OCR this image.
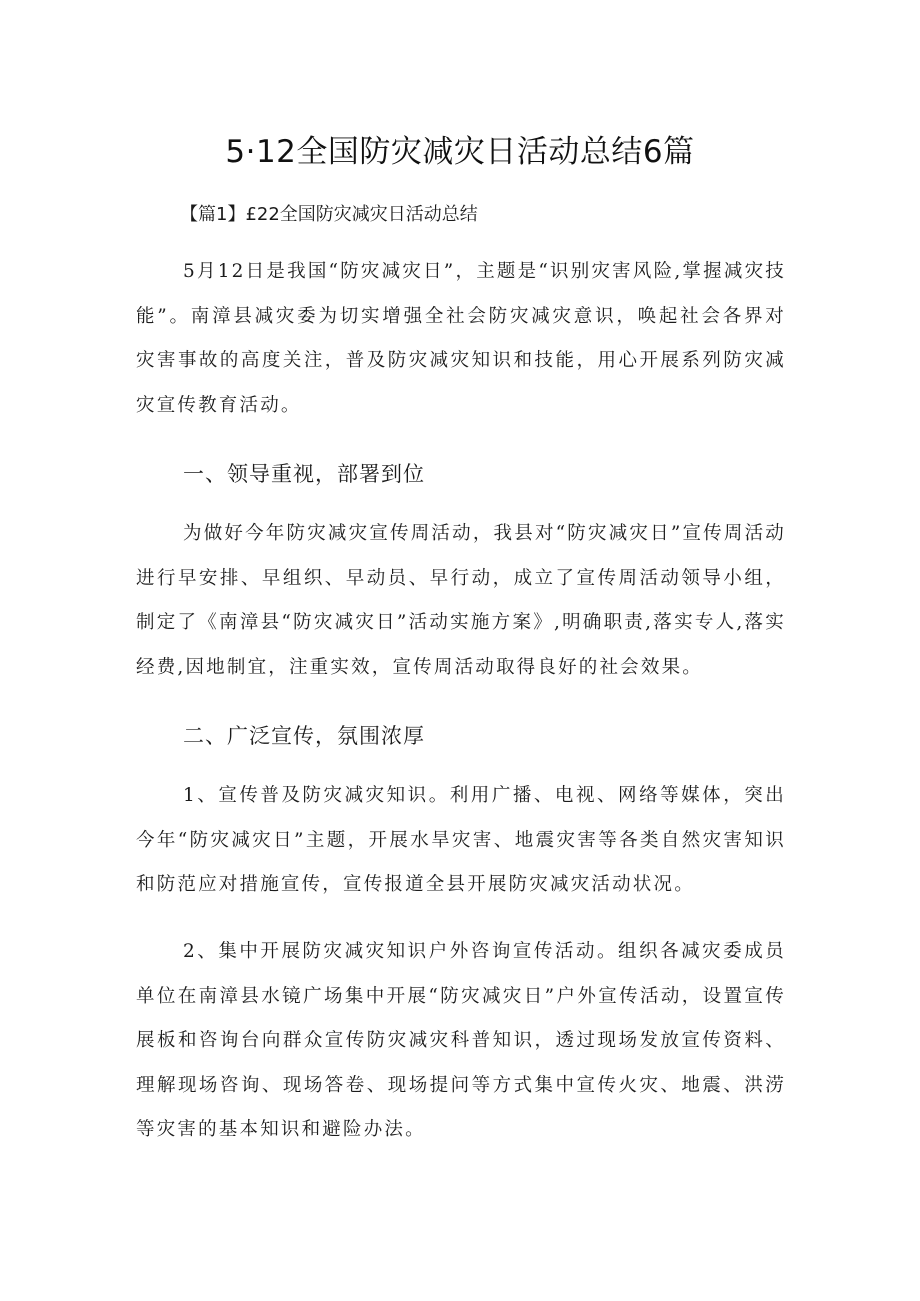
5·12全国防灾减灾日活动总结6篇
【篇1】£22全国防灾减灾日活动总结

5月12日是我国“防灾减灾日”，主题是“识别灾害风险,掌握减灾技能”。南漳县减灾委为切实增强全社会防灾减灾意识，唤起社会各界对灾害事故的高度关注，普及防灾减灾知识和技能，用心开展系列防灾减灾宣传教育活动。

一、领导重视，部署到位

为做好今年防灾减灾宣传周活动，我县对“防灾减灾日”宣传周活动进行早安排、早组织、早动员、早行动，成立了宣传周活动领导小组，制定了《南漳县“防灾减灾日”活动实施方案》,明确职责,落实专人,落实经费,因地制宜，注重实效，宣传周活动取得良好的社会效果。

二、广泛宣传，氛围浓厚

1、宣传普及防灾减灾知识。利用广播、电视、网络等媒体，突出今年“防灾减灾日”主题，开展水旱灾害、地震灾害等各类自然灾害知识和防范应对措施宣传，宣传报道全县开展防灾减灾活动状况。

2、集中开展防灾减灾知识户外咨询宣传活动。组织各减灾委成员单位在南漳县水镜广场集中开展“防灾减灾日”户外宣传活动，设置宣传展板和咨询台向群众宣传防灾减灾科普知识，透过现场发放宣传资料、理解现场咨询、现场答卷、现场提问等方式集中宣传火灾、地震、洪涝等灾害的基本知识和避险办法。
